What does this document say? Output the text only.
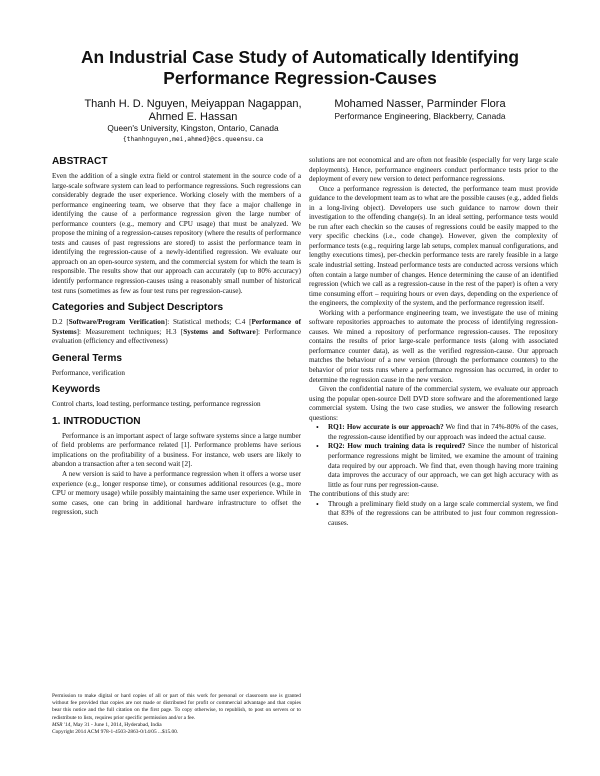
An Industrial Case Study of Automatically Identifying Performance Regression-Causes
Thanh H. D. Nguyen, Meiyappan Nagappan, Ahmed E. Hassan
Queen's University, Kingston, Ontario, Canada
{thanhnguyen,mei,ahmed}@cs.queensu.ca
Mohamed Nasser, Parminder Flora
Performance Engineering, Blackberry, Canada
ABSTRACT

Even the addition of a single extra field or control statement in the source code of a large-scale software system can lead to performance regressions. Such regressions can considerably degrade the user experience. Working closely with the members of a performance engineering team, we observe that they face a major challenge in identifying the cause of a performance regression given the large number of performance counters (e.g., memory and CPU usage) that must be analyzed. We propose the mining of a regression-causes repository (where the results of performance tests and causes of past regressions are stored) to assist the performance team in identifying the regression-cause of a newly-identified regression. We evaluate our approach on an open-source system, and the commercial system for which the team is responsible. The results show that our approach can accurately (up to 80% accuracy) identify performance regression-causes using a reasonably small number of historical test runs (sometimes as few as four test runs per regression-cause).

Categories and Subject Descriptors

D.2 [Software/Program Verification]: Statistical methods; C.4 [Performance of Systems]: Measurement techniques; H.3 [Systems and Software]: Performance evaluation (efficiency and effectiveness)

General Terms

Performance, verification

Keywords

Control charts, load testing, performance testing, performance regression

1. INTRODUCTION

Performance is an important aspect of large software systems since a large number of field problems are performance related [1]. Performance problems have serious implications on the profitability of a business. For instance, web users are likely to abandon a transaction after a ten second wait [2].

A new version is said to have a performance regression when it offers a worse user experience (e.g., longer response time), or consumes additional resources (e.g., more CPU or memory usage) while possibly maintaining the same user experience. While in some cases, one can bring in additional hardware infrastructure to offset the regression, such

Permission to make digital or hard copies of all or part of this work for personal or classroom use is granted without fee provided that copies are not made or distributed for profit or commercial advantage and that copies bear this notice and the full citation on the first page. To copy otherwise, to republish, to post on servers or to redistribute to lists, requires prior specific permission and/or a fee.

MSR '14, May 31 - June 1, 2014, Hyderabad, India

Copyright 2014 ACM 978-1-4503-2863-0/14/05 ...$15.00.

solutions are not economical and are often not feasible (especially for very large scale deployments). Hence, performance engineers conduct performance tests prior to the deployment of every new version to detect performance regressions.

Once a performance regression is detected, the performance team must provide guidance to the development team as to what are the possible causes (e.g., added fields in a long-living object). Developers use such guidance to narrow down their investigation to the offending change(s). In an ideal setting, performance tests would be run after each checkin so the causes of regressions could be easily mapped to the very specific checkins (i.e., code change). However, given the complexity of performance tests (e.g., requiring large lab setups, complex manual configurations, and lengthy executions times), per-checkin performance tests are rarely feasible in a large scale industrial setting. Instead performance tests are conducted across versions which often contain a large number of changes. Hence determining the cause of an identified regression (which we call as a regression-cause in the rest of the paper) is often a very time consuming effort – requiring hours or even days, depending on the experience of the engineers, the complexity of the system, and the performance regression itself.

Working with a performance engineering team, we investigate the use of mining software repositories approaches to automate the process of identifying regression-causes. We mined a repository of performance regression-causes. The repository contains the results of prior large-scale performance tests (along with associated performance counter data), as well as the verified regression-cause. Our approach matches the behaviour of a new version (through the performance counters) to the behavior of prior tests runs where a performance regression has occurred, in order to determine the regression cause in the new version.

Given the confidential nature of the commercial system, we evaluate our approach using the popular open-source Dell DVD store software and the aforementioned large commercial system. Using the two case studies, we answer the following research questions:

• RQ1: How accurate is our approach? We find that in 74%-80% of the cases, the regression-cause identified by our approach was indeed the actual cause.
• RQ2: How much training data is required? Since the number of historical performance regressions might be limited, we examine the amount of training data required by our approach. We find that, even though having more training data improves the accuracy of our approach, we can get high accuracy with as little as four runs per regression-cause.

The contributions of this study are:

• Through a preliminary field study on a large scale commercial system, we find that 83% of the regressions can be attributed to just four common regression-causes.
